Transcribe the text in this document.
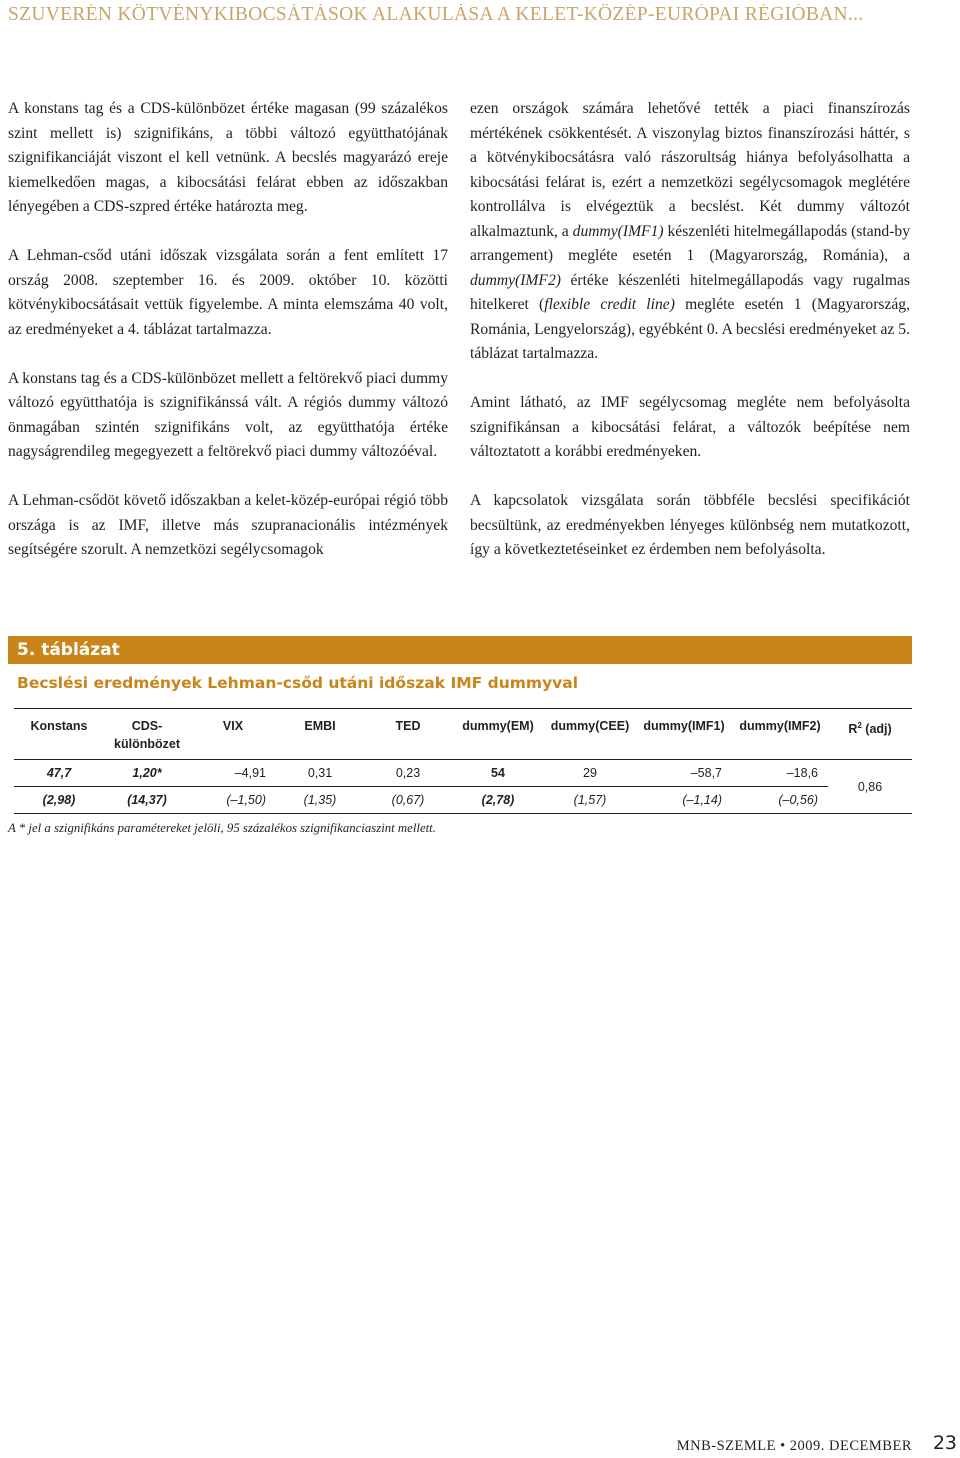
SZUVERÉN KÖTVÉNYKIBOCSÁTÁSOK ALAKULÁSA A KELET-KÖZÉP-EURÓPAI RÉGIÓBAN...

A konstans tag és a CDS-különbözet értéke magasan (99 százalékos szint mellett is) szignifikáns, a többi változó együtthatójának szignifikanciáját viszont el kell vetnünk. A becslés magyarázó ereje kiemelkedően magas, a kibocsátási felárat ebben az időszakban lényegében a CDS-szpred értéke határozta meg.

A Lehman-csőd utáni időszak vizsgálata során a fent említett 17 ország 2008. szeptember 16. és 2009. október 10. közötti kötvénykibocsátásait vettük figyelembe. A minta elemszáma 40 volt, az eredményeket a 4. táblázat tartalmazza.

A konstans tag és a CDS-különbözet mellett a feltörekvő piaci dummy változó együtthatója is szignifikánssá vált. A régiós dummy változó önmagában szintén szignifikáns volt, az együtthatója értéke nagyságrendileg megegyezett a feltörekvő piaci dummy változóéval.

A Lehman-csődöt követő időszakban a kelet-közép-európai régió több országa is az IMF, illetve más szupranacionális intézmények segítségére szorult. A nemzetközi segélycsomagok

ezen országok számára lehetővé tették a piaci finanszírozás mértékének csökkentését. A viszonylag biztos finanszírozási háttér, s a kötvénykibocsátásra való rászorultság hiánya befolyásolhatta a kibocsátási felárat is, ezért a nemzetközi segélycsomagok meglétére kontrollálva is elvégeztük a becslést. Két dummy változót alkalmaztunk, a dummy(IMF1) készenléti hitelmegállapodás (stand-by arrangement) megléte esetén 1 (Magyarország, Románia), a dummy(IMF2) értéke készenléti hitelmegállapodás vagy rugalmas hitelkeret (flexible credit line) megléte esetén 1 (Magyarország, Románia, Lengyelország), egyébként 0. A becslési eredményeket az 5. táblázat tartalmazza.

Amint látható, az IMF segélycsomag megléte nem befolyásolta szignifikánsan a kibocsátási felárat, a változók beépítése nem változtatott a korábbi eredményeken.

A kapcsolatok vizsgálata során többféle becslési specifikációt becsültünk, az eredményekben lényeges különbség nem mutatkozott, így a következtetéseinket ez érdemben nem befolyásolta.

5. táblázat
Becslési eredmények Lehman-csőd utáni időszak IMF dummyval
Konstans	CDS-
különbözet	VIX	EMBI	TED	dummy(EM)	dummy(CEE)	dummy(IMF1)	dummy(IMF2)	$R^2$ (adj)
47,7	1,20*	–4,91	0,31	0,23	54	29	–58,7	–18,6	0,86
(2,98)	(14,37)	(–1,50)	(1,35)	(0,67)	(2,78)	(1,57)	(–1,14)	(–0,56)	
A * jel a szignifikáns paramétereket jelöli, 95 százalékos szignifikanciaszint mellett.
MNB-SZEMLE • 2009. DECEMBER 23
